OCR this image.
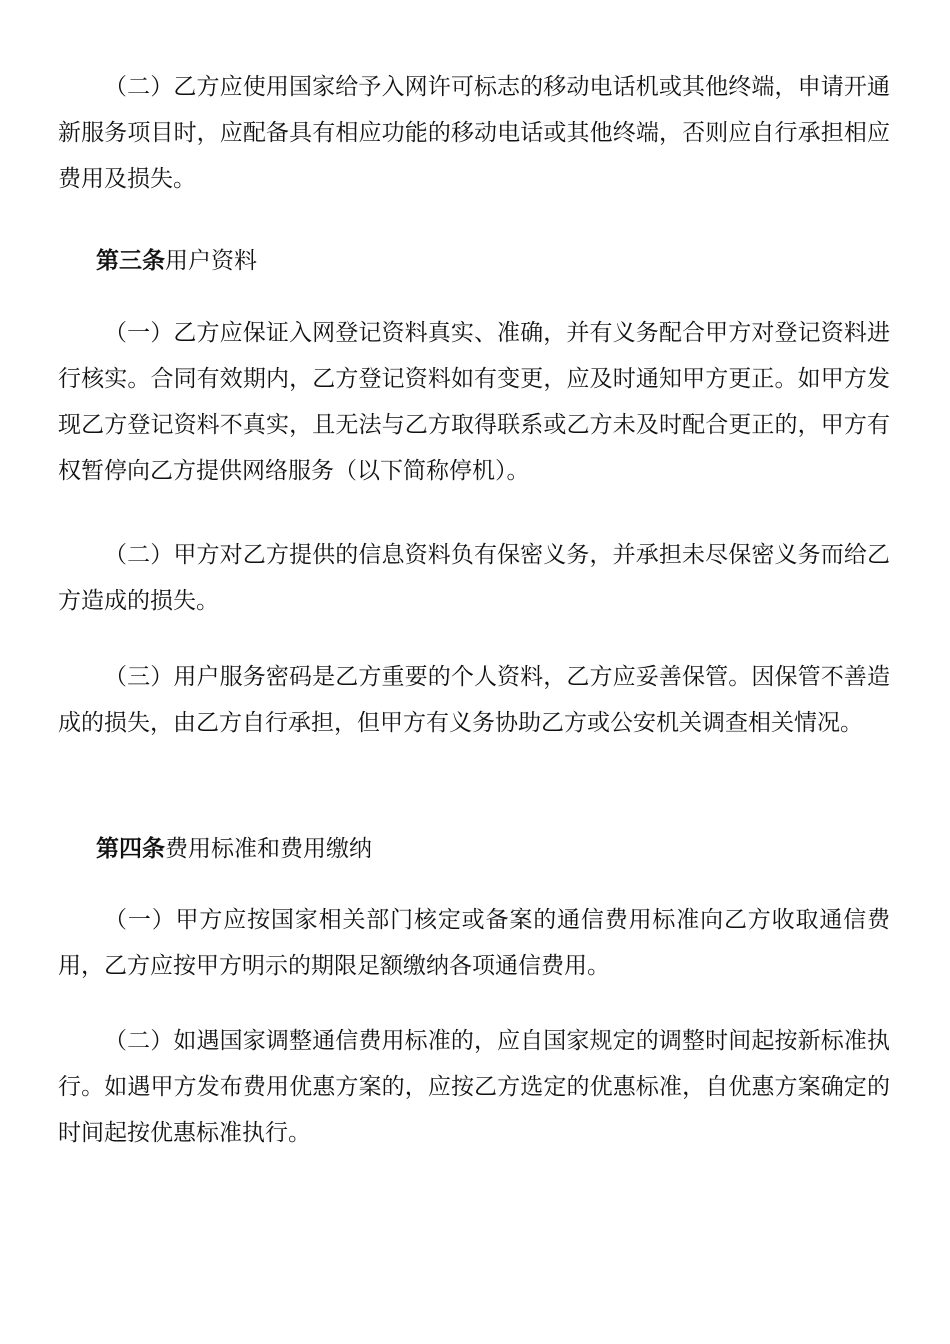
（二）乙方应使用国家给予入网许可标志的移动电话机或其他终端，申请开通新服务项目时，应配备具有相应功能的移动电话或其他终端，否则应自行承担相应费用及损失。

第三条用户资料

（一）乙方应保证入网登记资料真实、准确，并有义务配合甲方对登记资料进行核实。合同有效期内，乙方登记资料如有变更，应及时通知甲方更正。如甲方发现乙方登记资料不真实，且无法与乙方取得联系或乙方未及时配合更正的，甲方有权暂停向乙方提供网络服务（以下简称停机）。

（二）甲方对乙方提供的信息资料负有保密义务，并承担未尽保密义务而给乙方造成的损失。

（三）用户服务密码是乙方重要的个人资料，乙方应妥善保管。因保管不善造成的损失，由乙方自行承担，但甲方有义务协助乙方或公安机关调查相关情况。

第四条费用标准和费用缴纳

（一）甲方应按国家相关部门核定或备案的通信费用标准向乙方收取通信费用，乙方应按甲方明示的期限足额缴纳各项通信费用。

（二）如遇国家调整通信费用标准的，应自国家规定的调整时间起按新标准执行。如遇甲方发布费用优惠方案的，应按乙方选定的优惠标准，自优惠方案确定的时间起按优惠标准执行。
